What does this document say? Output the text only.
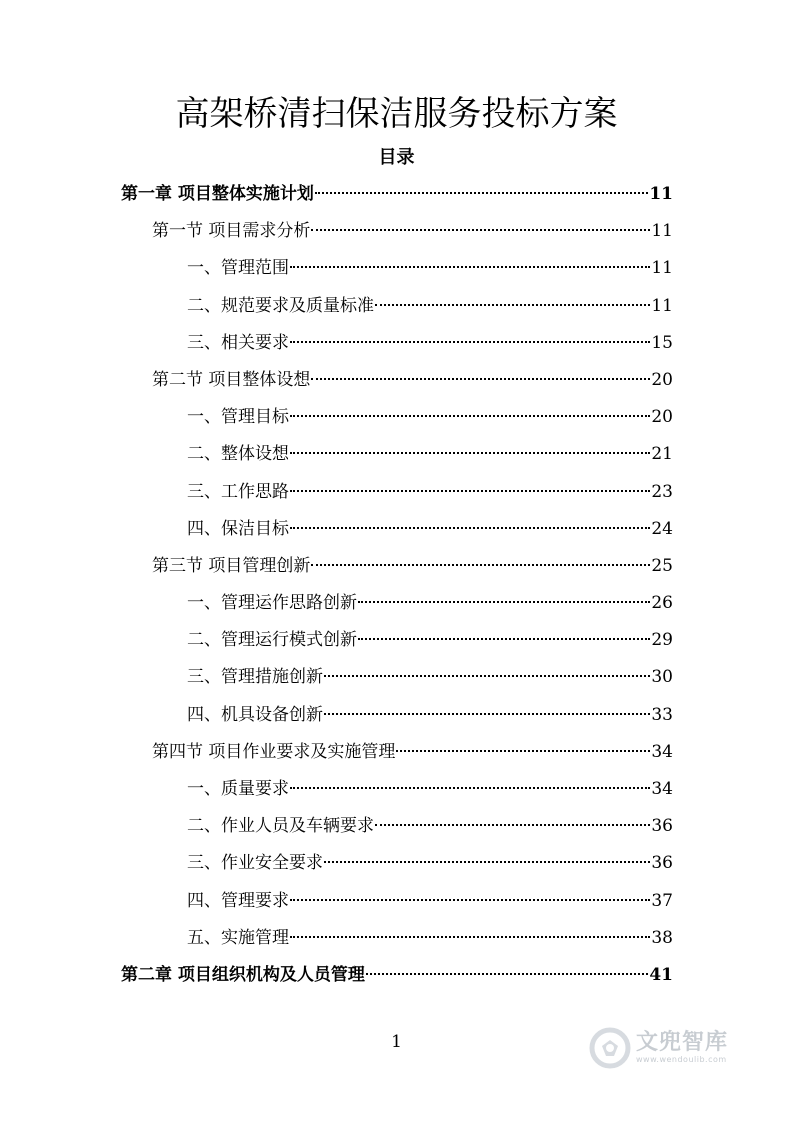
高架桥清扫保洁服务投标方案
目录
第一章 项目整体实施计划	11
第一节 项目需求分析	11
一、管理范围	11
二、规范要求及质量标准	11
三、相关要求	15
第二节 项目整体设想	20
一、管理目标	20
二、整体设想	21
三、工作思路	23
四、保洁目标	24
第三节 项目管理创新	25
一、管理运作思路创新	26
二、管理运行模式创新	29
三、管理措施创新	30
四、机具设备创新	33
第四节 项目作业要求及实施管理	34
一、质量要求	34
二、作业人员及车辆要求	36
三、作业安全要求	36
四、管理要求	37
五、实施管理	38
第二章 项目组织机构及人员管理	41
1	文兜智库
www.wendoulib.com
